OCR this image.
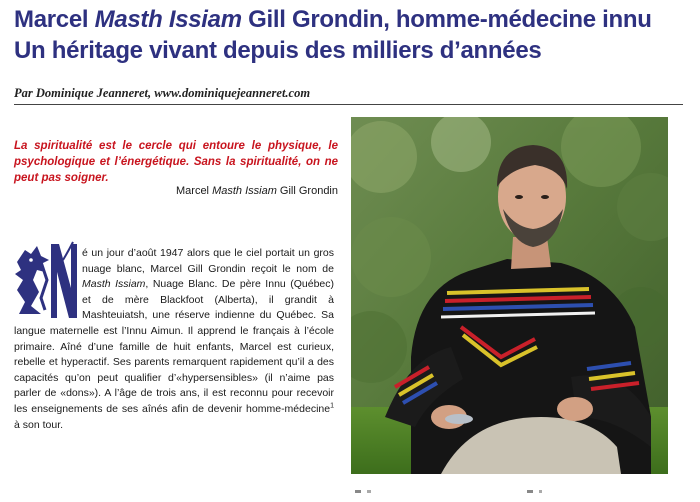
Marcel Masth Issiam Gill Grondin, homme-médecine innu
Un héritage vivant depuis des milliers d’années
Par Dominique Jeanneret, www.dominiquejeanneret.com
La spiritualité est le cercle qui entoure le physique, le psychologique et l’énergétique. Sans la spiritualité, on ne peut pas soigner.
Marcel Masth Issiam Gill Grondin
é un jour d’août 1947 alors que le ciel portait un gros nuage blanc, Marcel Gill Grondin reçoit le nom de Masth Issiam, Nuage Blanc. De père Innu (Québec) et de mère Blackfoot (Alberta), il grandit à Mashteuiatsh, une réserve indienne du Québec. Sa langue maternelle est l’Innu Aimun. Il apprend le français à l’école primaire. Aîné d’une famille de huit enfants, Marcel est curieux, rebelle et hyperactif. Ses parents remarquent rapidement qu’il a des capacités qu’on peut qualifier d’«hypersensibles» (il n’aime pas parler de «dons»). A l’âge de trois ans, il est reconnu pour recevoir les enseignements de ses aînés afin de devenir homme-médecine$^1$ à son tour.
